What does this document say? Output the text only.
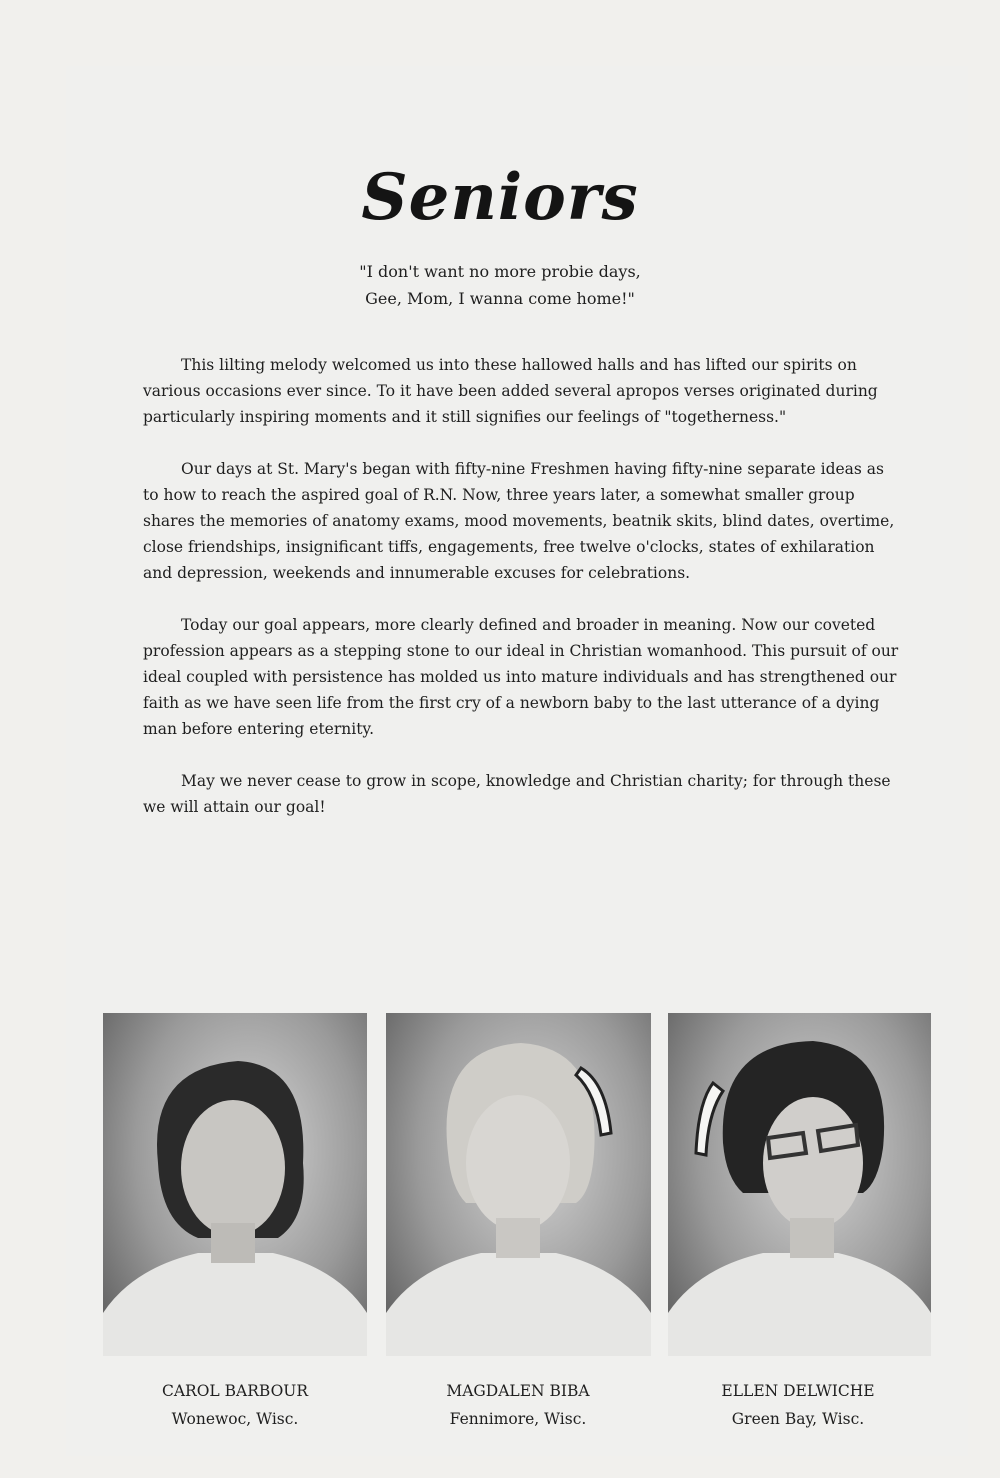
Seniors
"I don't want no more probie days,
Gee, Mom, I wanna come home!"

This lilting melody welcomed us into these hallowed halls and has lifted our spirits on various occasions ever since. To it have been added several apropos verses originated during particularly inspiring moments and it still signifies our feelings of "togetherness."

Our days at St. Mary's began with fifty-nine Freshmen having fifty-nine separate ideas as to how to reach the aspired goal of R.N. Now, three years later, a somewhat smaller group shares the memories of anatomy exams, mood movements, beatnik skits, blind dates, overtime, close friendships, insignificant tiffs, engagements, free twelve o'clocks, states of exhilaration and depression, weekends and innumerable excuses for celebrations.

Today our goal appears, more clearly defined and broader in meaning. Now our coveted profession appears as a stepping stone to our ideal in Christian womanhood. This pursuit of our ideal coupled with persistence has molded us into mature individuals and has strengthened our faith as we have seen life from the first cry of a newborn baby to the last utterance of a dying man before entering eternity.

May we never cease to grow in scope, knowledge and Christian charity; for through these we will attain our goal!

CAROL BARBOUR
Wonewoc, Wisc.
MAGDALEN BIBA
Fennimore, Wisc.
ELLEN DELWICHE
Green Bay, Wisc.
